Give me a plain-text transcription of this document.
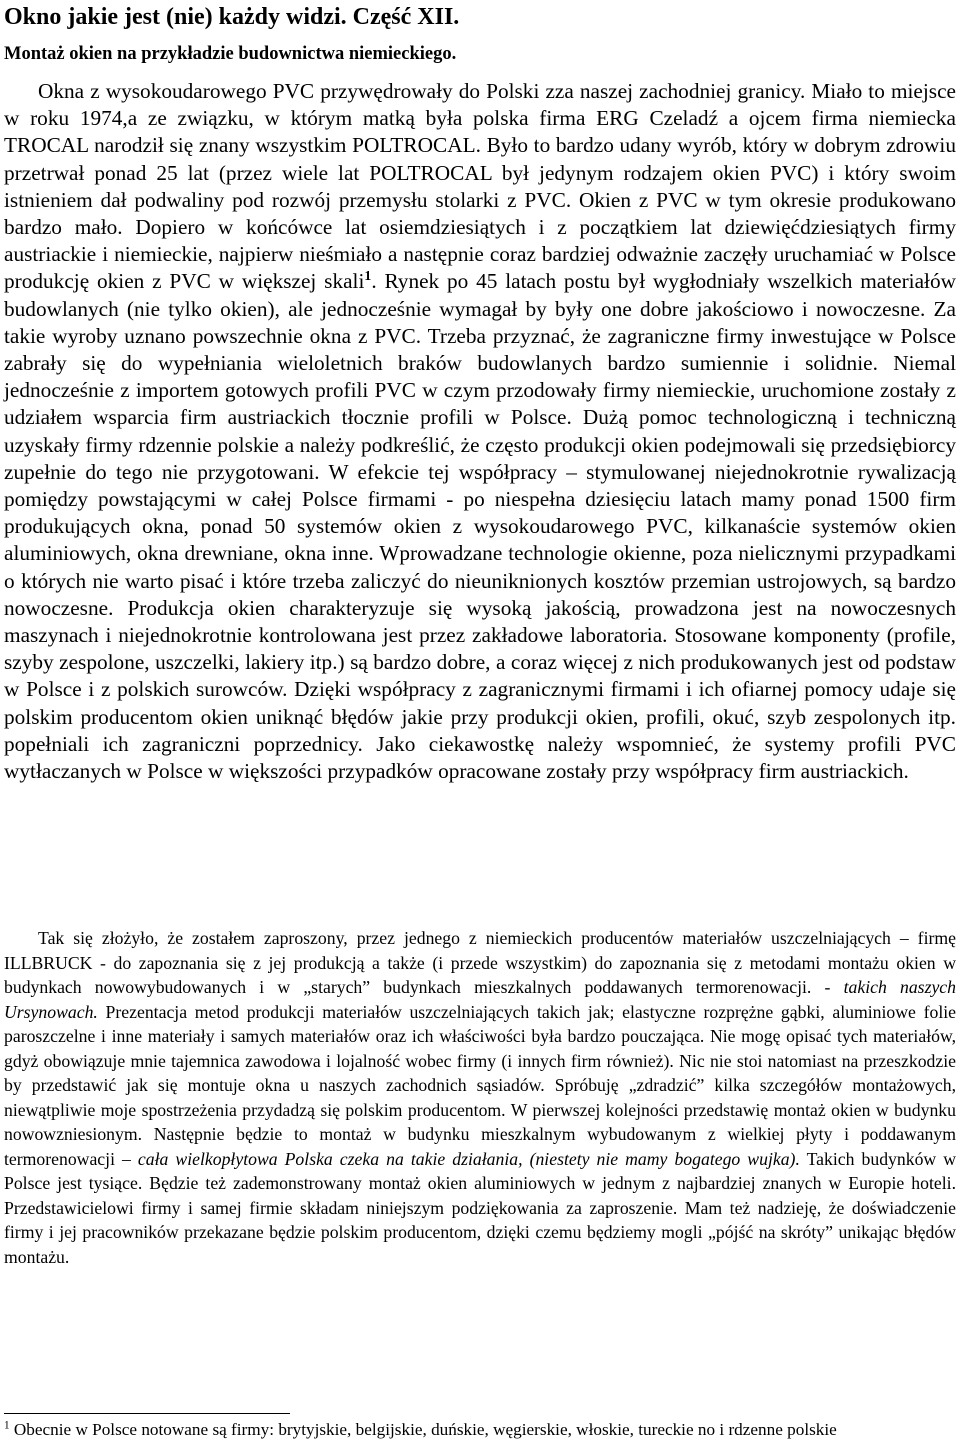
Okno jakie jest (nie) każdy widzi. Część XII.
Montaż okien na przykładzie budownictwa niemieckiego.

Okna z wysokoudarowego PVC przywędrowały do Polski zza naszej zachodniej granicy. Miało to miejsce w roku 1974,a ze związku, w którym matką była polska firma ERG Czeladź a ojcem firma niemiecka TROCAL narodził się znany wszystkim POLTROCAL. Było to bardzo udany wyrób, który w dobrym zdrowiu przetrwał ponad 25 lat (przez wiele lat POLTROCAL był jedynym rodzajem okien PVC) i który swoim istnieniem dał podwaliny pod rozwój przemysłu stolarki z PVC. Okien z PVC w tym okresie produkowano bardzo mało. Dopiero w końcówce lat osiemdziesiątych i z początkiem lat dziewięćdziesiątych firmy austriackie i niemieckie, najpierw nieśmiało a następnie coraz bardziej odważnie zaczęły uruchamiać w Polsce produkcję okien z PVC w większej skali$^1$. Rynek po 45 latach postu był wygłodniały wszelkich materiałów budowlanych (nie tylko okien), ale jednocześnie wymagał by były one dobre jakościowo i nowoczesne. Za takie wyroby uznano powszechnie okna z PVC. Trzeba przyznać, że zagraniczne firmy inwestujące w Polsce zabrały się do wypełniania wieloletnich braków budowlanych bardzo sumiennie i solidnie. Niemal jednocześnie z importem gotowych profili PVC w czym przodowały firmy niemieckie, uruchomione zostały z udziałem wsparcia firm austriackich tłocznie profili w Polsce. Dużą pomoc technologiczną i techniczną uzyskały firmy rdzennie polskie a należy podkreślić, że często produkcji okien podejmowali się przedsiębiorcy zupełnie do tego nie przygotowani. W efekcie tej współpracy – stymulowanej niejednokrotnie rywalizacją pomiędzy powstającymi w całej Polsce firmami - po niespełna dziesięciu latach mamy ponad 1500 firm produkujących okna, ponad 50 systemów okien z wysokoudarowego PVC, kilkanaście systemów okien aluminiowych, okna drewniane, okna inne. Wprowadzane technologie okienne, poza nielicznymi przypadkami o których nie warto pisać i które trzeba zaliczyć do nieuniknionych kosztów przemian ustrojowych, są bardzo nowoczesne. Produkcja okien charakteryzuje się wysoką jakością, prowadzona jest na nowoczesnych maszynach i niejednokrotnie kontrolowana jest przez zakładowe laboratoria. Stosowane komponenty (profile, szyby zespolone, uszczelki, lakiery itp.) są bardzo dobre, a coraz więcej z nich produkowanych jest od podstaw w Polsce i z polskich surowców. Dzięki współpracy z zagranicznymi firmami i ich ofiarnej pomocy udaje się polskim producentom okien uniknąć błędów jakie przy produkcji okien, profili, okuć, szyb zespolonych itp. popełniali ich zagraniczni poprzednicy. Jako ciekawostkę należy wspomnieć, że systemy profili PVC wytłaczanych w Polsce w większości przypadków opracowane zostały przy współpracy firm austriackich.

Tak się złożyło, że zostałem zaproszony, przez jednego z niemieckich producentów materiałów uszczelniających – firmę ILLBRUCK - do zapoznania się z jej produkcją a także (i przede wszystkim) do zapoznania się z metodami montażu okien w budynkach nowowybudowanych i w „starych” budynkach mieszkalnych poddawanych termorenowacji. - takich naszych Ursynowach. Prezentacja metod produkcji materiałów uszczelniających takich jak; elastyczne rozprężne gąbki, aluminiowe folie paroszczelne i inne materiały i samych materiałów oraz ich właściwości była bardzo pouczająca. Nie mogę opisać tych materiałów, gdyż obowiązuje mnie tajemnica zawodowa i lojalność wobec firmy (i innych firm również). Nic nie stoi natomiast na przeszkodzie by przedstawić jak się montuje okna u naszych zachodnich sąsiadów. Spróbuję „zdradzić” kilka szczegółów montażowych, niewątpliwie moje spostrzeżenia przydadzą się polskim producentom. W pierwszej kolejności przedstawię montaż okien w budynku nowowzniesionym. Następnie będzie to montaż w budynku mieszkalnym wybudowanym z wielkiej płyty i poddawanym termorenowacji – cała wielkopłytowa Polska czeka na takie działania, (niestety nie mamy bogatego wujka). Takich budynków w Polsce jest tysiące. Będzie też zademonstrowany montaż okien aluminiowych w jednym z najbardziej znanych w Europie hoteli. Przedstawicielowi firmy i samej firmie składam niniejszym podziękowania za zaproszenie. Mam też nadzieję, że doświadczenie firmy i jej pracowników przekazane będzie polskim producentom, dzięki czemu będziemy mogli „pójść na skróty” unikając błędów montażu.

$^1$ Obecnie w Polsce notowane są firmy: brytyjskie, belgijskie, duńskie, węgierskie, włoskie, tureckie no i rdzenne polskie
